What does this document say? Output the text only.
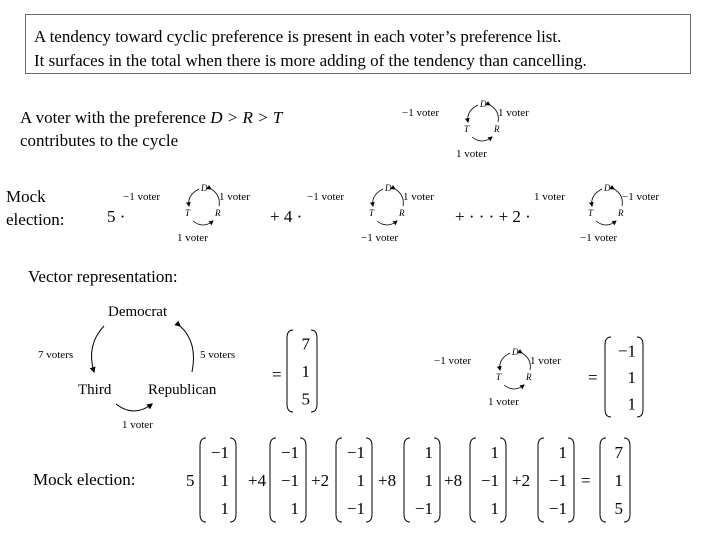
A tendency toward cyclic preference is present in each voter’s preference list.
It surfaces in the total when there is more adding of the tendency than cancelling.
A voter with the preference D > R > T
contributes to the cycle
Mock
election:
Vector representation:
Mock election:
D
T	R
−1 voter	1 voter
1 voter
D
T	R
−1 voter	1 voter
1 voter
D
T	R
−1 voter	1 voter
−1 voter
D
T	R
1 voter	−1 voter
−1 voter
D
T	R
−1 voter	1 voter
1 voter
5 ·	+ 4 ·	+ · · · + 2 ·
Democrat
Third Republican
7 voters	5 voters
1 voter
=	=
7
1
5
−1
1
1
5
−1
1
1
+4
−1
−1
1
+2
−1
1
−1
+8
1
1
−1
+8
1
−1
1
+2
1
−1
−1
=
7
1
5
